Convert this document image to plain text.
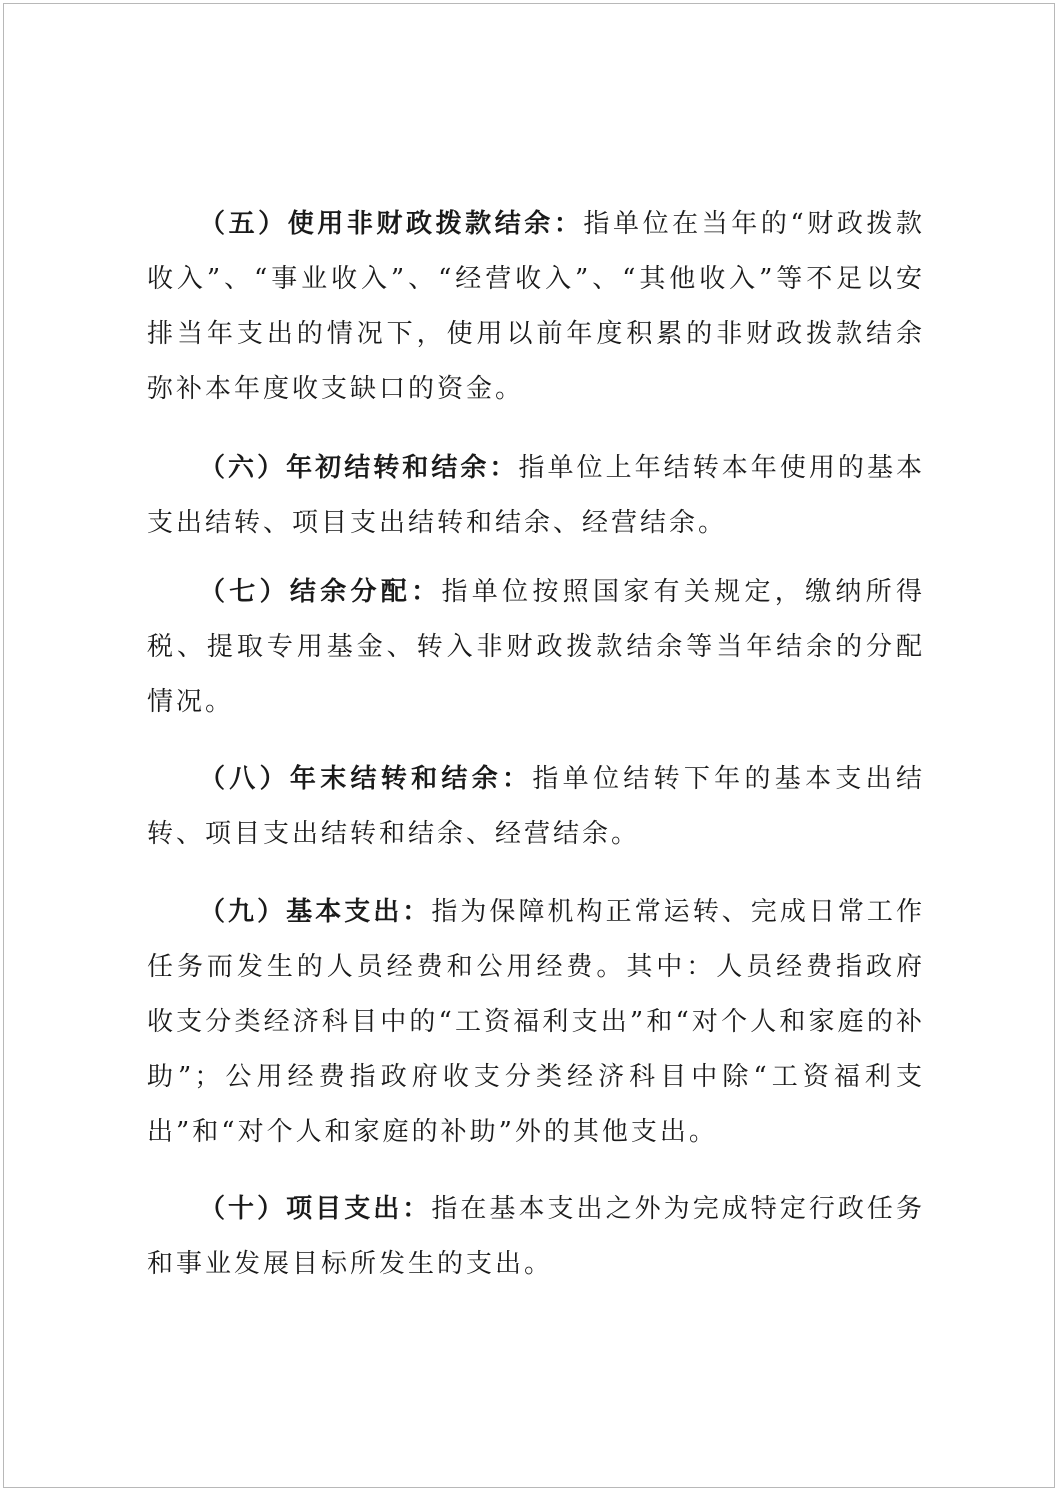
（五）使用非财政拨款结余：指单位在当年的“财政拨款收入”、“事业收入”、“经营收入”、“其他收入”等不足以安排当年支出的情况下，使用以前年度积累的非财政拨款结余弥补本年度收支缺口的资金。

（六）年初结转和结余：指单位上年结转本年使用的基本支出结转、项目支出结转和结余、经营结余。

（七）结余分配：指单位按照国家有关规定，缴纳所得税、提取专用基金、转入非财政拨款结余等当年结余的分配情况。

（八）年末结转和结余：指单位结转下年的基本支出结转、项目支出结转和结余、经营结余。

（九）基本支出：指为保障机构正常运转、完成日常工作任务而发生的人员经费和公用经费。其中：人员经费指政府收支分类经济科目中的“工资福利支出”和“对个人和家庭的补助”；公用经费指政府收支分类经济科目中除“工资福利支出”和“对个人和家庭的补助”外的其他支出。

（十）项目支出：指在基本支出之外为完成特定行政任务和事业发展目标所发生的支出。
